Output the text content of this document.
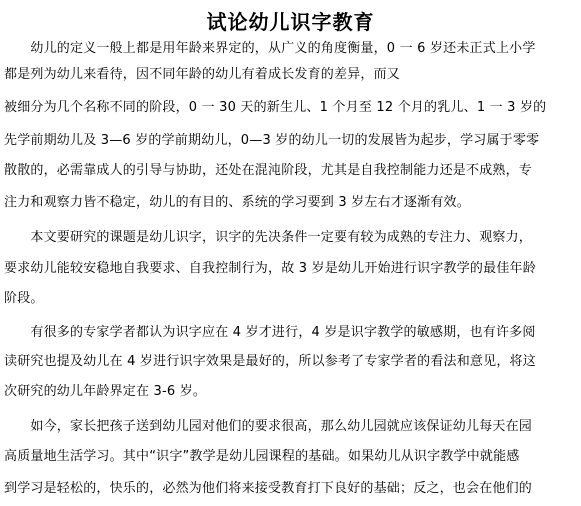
试论幼儿识字教育
　　幼儿的定义一般上都是用年龄来界定的，从广义的角度衡量，0 一 6 岁还未正式上小学
都是列为幼儿来看待，因不同年龄的幼儿有着成长发育的差异，而又
被细分为几个名称不同的阶段，0 一 30 天的新生儿、1 个月至 12 个月的乳儿、1 一 3 岁的
先学前期幼儿及 3—6 岁的学前期幼儿，0—3 岁的幼儿一切的发展皆为起步，学习属于零零
散散的，必需靠成人的引导与协助，还处在混沌阶段，尤其是自我控制能力还是不成熟，专
注力和观察力皆不稳定，幼儿的有目的、系统的学习要到 3 岁左右才逐渐有效。
　　本文要研究的课题是幼儿识字，识字的先决条件一定要有较为成熟的专注力、观察力，
要求幼儿能较安稳地自我要求、自我控制行为，故 3 岁是幼儿开始进行识字教学的最佳年龄
阶段。
　　有很多的专家学者都认为识字应在 4 岁才进行，4 岁是识字教学的敏感期，也有许多阅
读研究也提及幼儿在 4 岁进行识字效果是最好的，所以参考了专家学者的看法和意见，将这
次研究的幼儿年龄界定在 3-6 岁。
　　如今，家长把孩子送到幼儿园对他们的要求很高，那么幼儿园就应该保证幼儿每天在园
高质量地生活学习。其中“识字”教学是幼儿园课程的基础。如果幼儿从识字教学中就能感
到学习是轻松的，快乐的，必然为他们将来接受教育打下良好的基础；反之，也会在他们的
